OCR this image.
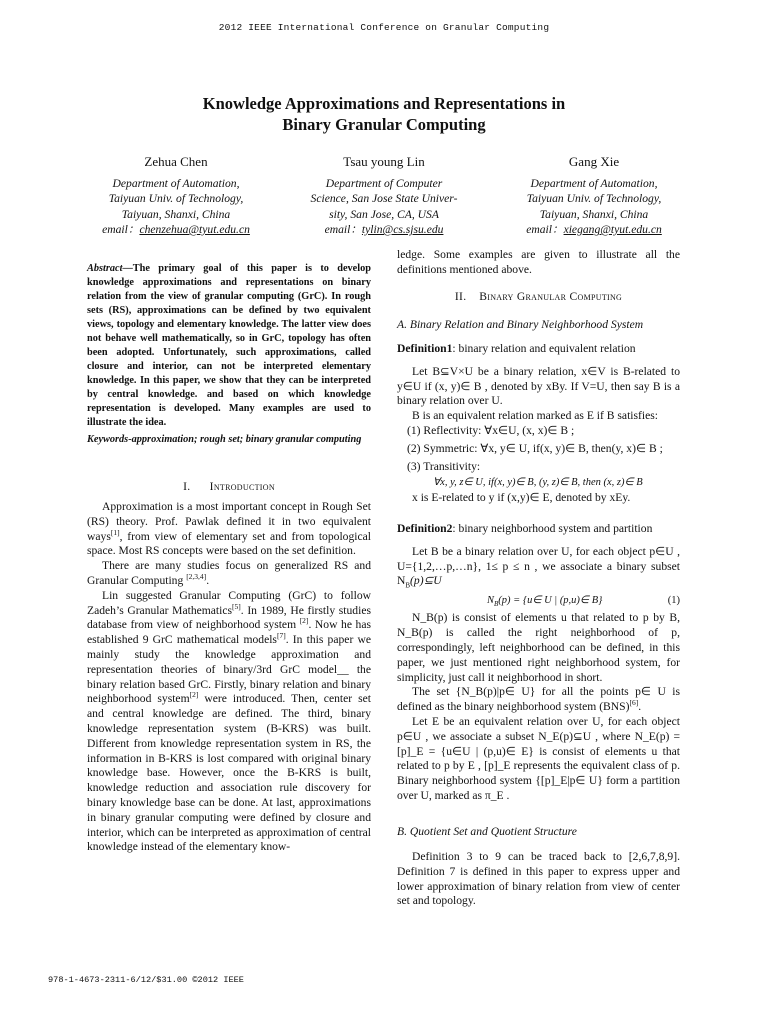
2012 IEEE International Conference on Granular Computing
Knowledge Approximations and Representations in
Binary Granular Computing
Zehua Chen
Department of Automation,
Taiyuan Univ. of Technology,
Taiyuan, Shanxi, China
email：chenzehua@tyut.edu.cn
Tsau young Lin
Department of Computer
Science, San Jose State Univer-
sity, San Jose, CA, USA
email：tylin@cs.sjsu.edu
Gang Xie
Department of Automation,
Taiyuan Univ. of Technology,
Taiyuan, Shanxi, China
email：xiegang@tyut.edu.cn
Abstract—The primary goal of this paper is to develop knowledge approximations and representations on binary relation from the view of granular computing (GrC). In rough sets (RS), approximations can be defined by two equivalent views, topology and elementary knowledge. The latter view does not behave well mathematically, so in GrC, topology has often been adopted. Unfortunately, such approximations, called closure and interior, can not be interpreted elementary knowledge. In this paper, we show that they can be interpreted by central knowledge. and based on which knowledge representation is developed. Many examples are used to illustrate the idea.
Keywords-approximation; rough set; binary granular computing
I. Introduction

Approximation is a most important concept in Rough Set (RS) theory. Prof. Pawlak defined it in two equivalent ways[1], from view of elementary set and from topological space. Most RS concepts were based on the set definition.

There are many studies focus on generalized RS and Granular Computing [2,3,4].

Lin suggested Granular Computing (GrC) to follow Zadeh’s Granular Mathematics[5]. In 1989, He firstly studies database from view of neighborhood system [2]. Now he has established 9 GrC mathematical models[7]. In this paper we mainly study the knowledge approximation and representation theories of binary/3rd GrC model__ the binary relation based GrC. Firstly, binary relation and binary neighborhood system[2] were introduced. Then, center set and central knowledge are defined. The third, binary knowledge representation system (B-KRS) was built. Different from knowledge representation system in RS, the information in B-KRS is lost compared with original binary knowledge base. However, once the B-KRS is built, knowledge reduction and association rule discovery for binary knowledge base can be done. At last, approximations in binary granular computing were defined by closure and interior, which can be interpreted as approximation of central knowledge instead of the elementary know-

ledge. Some examples are given to illustrate all the definitions mentioned above.

II. Binary Granular Computing
A. Binary Relation and Binary Neighborhood System

Definition1: binary relation and equivalent relation

Let B⊆V×U be a binary relation, x∈V is B-related to y∈U if (x, y)∈ B , denoted by xBy. If V=U, then say B is a binary relation over U.

B is an equivalent relation marked as E if B satisfies:

(1) Reflectivity: ∀x∈U, (x, x)∈ B ;

(2) Symmetric: ∀x, y∈ U, if(x, y)∈ B, then(y, x)∈ B ;

(3) Transitivity:

∀x, y, z∈ U, if(x, y)∈ B, (y, z)∈ B, then (x, z)∈ B

x is E-related to y if (x,y)∈ E, denoted by xEy.

Definition2: binary neighborhood system and partition

Let B be a binary relation over U, for each object p∈U , U={1,2,…p,…n}, 1≤ p ≤ n , we associate a binary subset $N_B(p)⊆U$

$N_B(p)$ = {u∈ U | (p,u)∈ B}	(1)

N_B(p) is consist of elements u that related to p by B, N_B(p) is called the right neighborhood of p, correspondingly, left neighborhood can be defined, in this paper, we just mentioned right neighborhood system, for simplicity, just call it neighborhood in short.

The set {N_B(p)|p∈ U} for all the points p∈ U is defined as the binary neighborhood system (BNS)[6].

Let E be an equivalent relation over U, for each object p∈U , we associate a subset N_E(p)⊆U , where N_E(p) = [p]_E = {u∈U | (p,u)∈ E} is consist of elements u that related to p by E , [p]_E represents the equivalent class of p. Binary neighborhood system {[p]_E|p∈ U} form a partition over U, marked as π_E .

B. Quotient Set and Quotient Structure

Definition 3 to 9 can be traced back to [2,6,7,8,9]. Definition 7 is defined in this paper to express upper and lower approximation of binary relation from view of center set and topology.

978-1-4673-2311-6/12/$31.00 ©2012 IEEE
